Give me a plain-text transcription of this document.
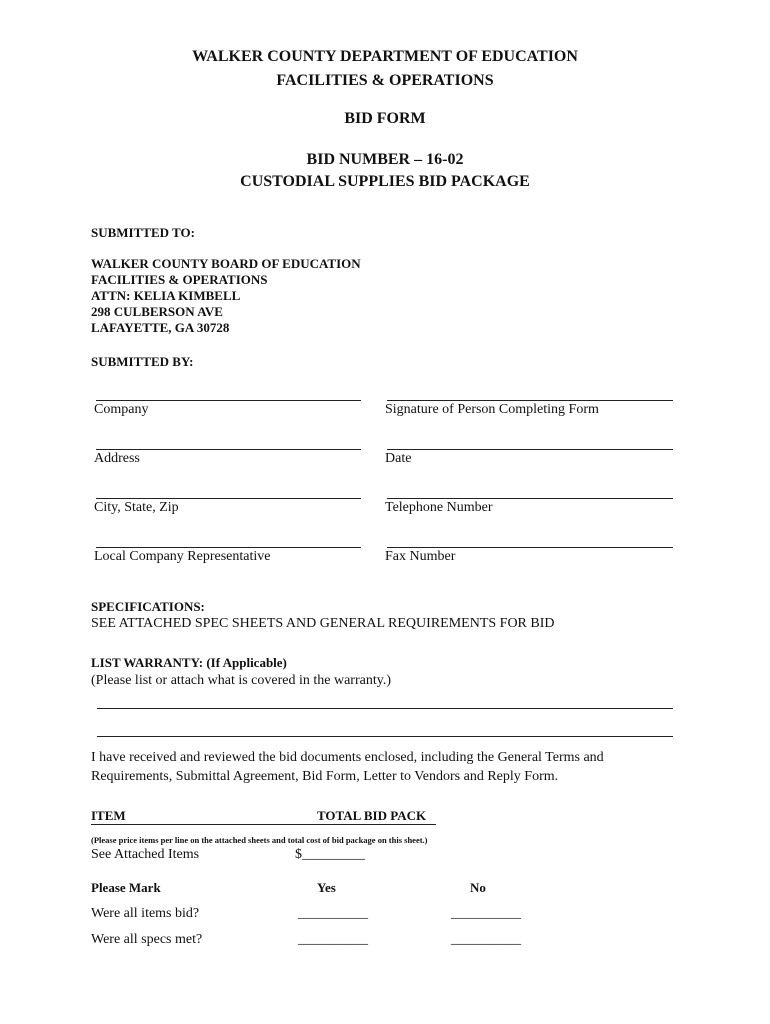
WALKER COUNTY DEPARTMENT OF EDUCATION
FACILITIES & OPERATIONS
BID FORM
BID NUMBER – 16-02
CUSTODIAL SUPPLIES BID PACKAGE
SUBMITTED TO:
WALKER COUNTY BOARD OF EDUCATION
FACILITIES & OPERATIONS
ATTN: KELIA KIMBELL
298 CULBERSON AVE
LAFAYETTE, GA 30728
SUBMITTED BY:
Company	Signature of Person Completing Form
Address	Date
City, State, Zip	Telephone Number
Local Company Representative	Fax Number
SPECIFICATIONS:
SEE ATTACHED SPEC SHEETS AND GENERAL REQUIREMENTS FOR BID
LIST WARRANTY: (If Applicable)
(Please list or attach what is covered in the warranty.)
I have received and reviewed the bid documents enclosed, including the General Terms and
Requirements, Submittal Agreement, Bid Form, Letter to Vendors and Reply Form.
ITEM	TOTAL BID PACK
(Please price items per line on the attached sheets and total cost of bid package on this sheet.)
See Attached Items	$_________
Please Mark	Yes	No
Were all items bid?	__________	__________
Were all specs met?	__________	__________
